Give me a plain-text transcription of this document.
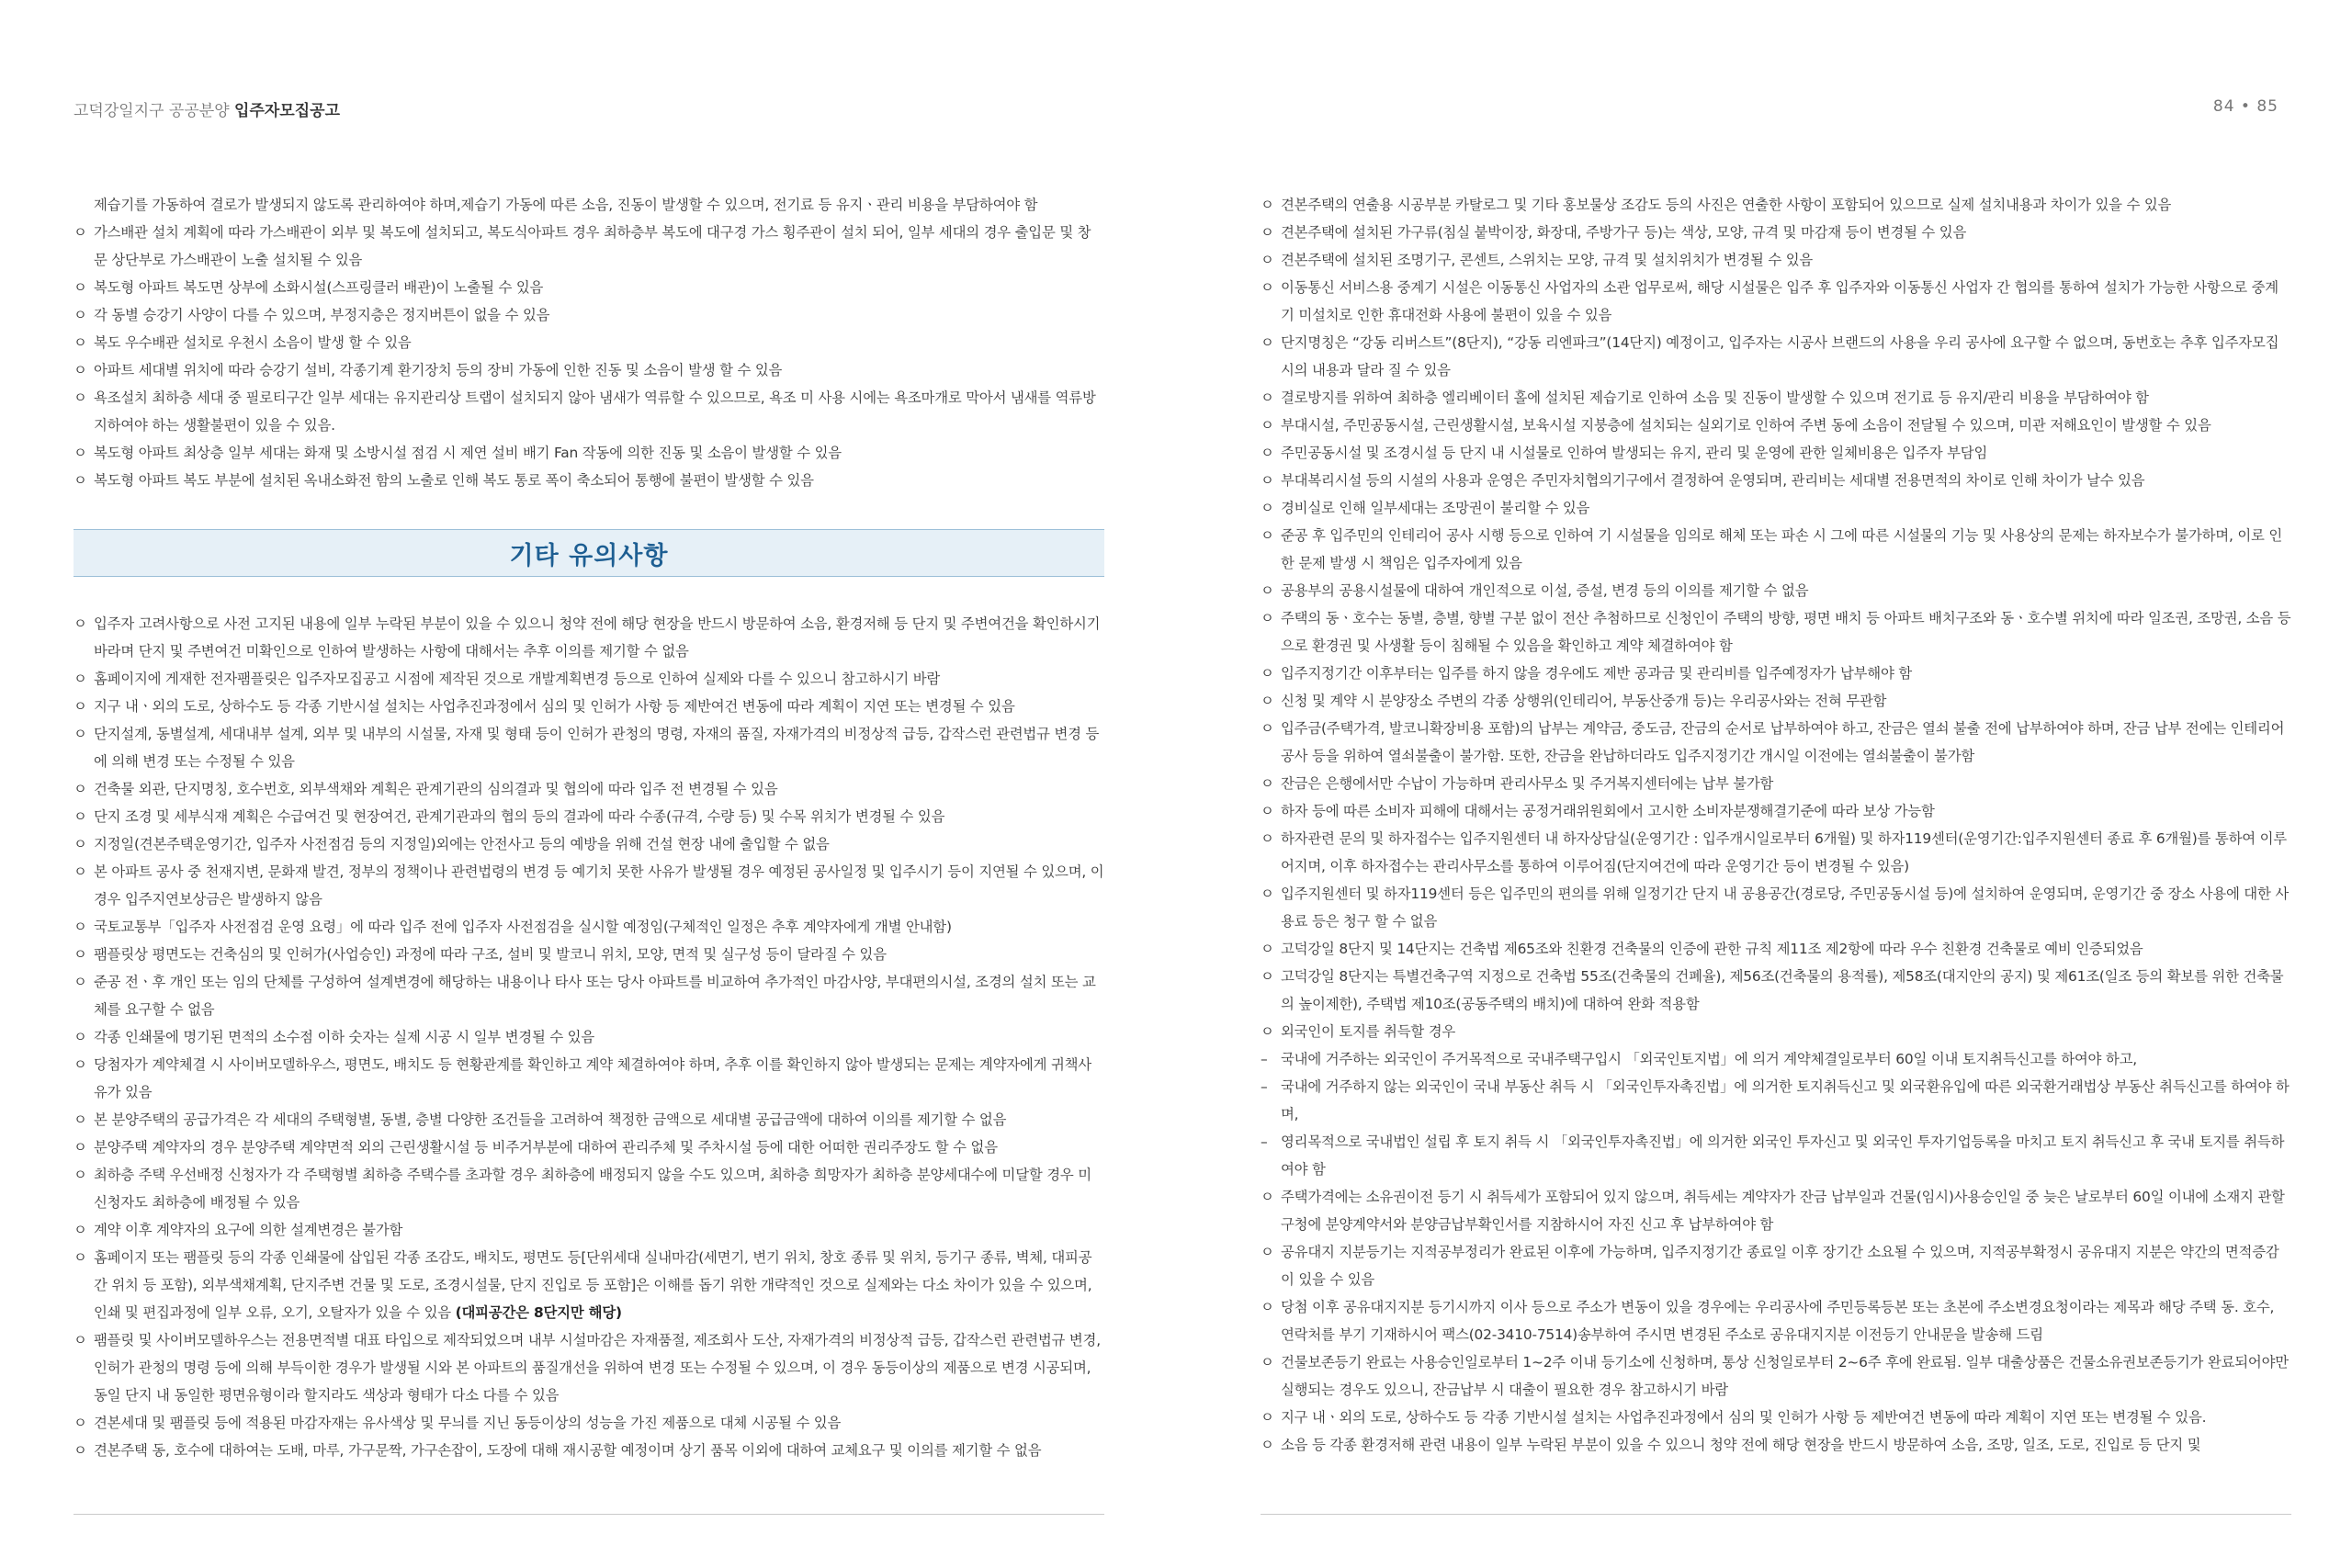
고덕강일지구 공공분양 입주자모집공고	84 • 85

제습기를 가동하여 결로가 발생되지 않도록 관리하여야 하며,제습기 가동에 따른 소음, 진동이 발생할 수 있으며, 전기료 등 유지ㆍ관리 비용을 부담하여야 함

ㅇ 가스배관 설치 계획에 따라 가스배관이 외부 및 복도에 설치되고, 복도식아파트 경우 최하층부 복도에 대구경 가스 횡주관이 설치 되어, 일부 세대의 경우 출입문 및 창문 상단부로 가스배관이 노출 설치될 수 있음

ㅇ 복도형 아파트 복도면 상부에 소화시설(스프링클러 배관)이 노출될 수 있음

ㅇ 각 동별 승강기 사양이 다를 수 있으며, 부정지층은 정지버튼이 없을 수 있음

ㅇ 복도 우수배관 설치로 우천시 소음이 발생 할 수 있음

ㅇ 아파트 세대별 위치에 따라 승강기 설비, 각종기계 환기장치 등의 장비 가동에 인한 진동 및 소음이 발생 할 수 있음

ㅇ 욕조설치 최하층 세대 중 필로티구간 일부 세대는 유지관리상 트랩이 설치되지 않아 냄새가 역류할 수 있으므로, 욕조 미 사용 시에는 욕조마개로 막아서 냄새를 역류방지하여야 하는 생활불편이 있을 수 있음.

ㅇ 복도형 아파트 최상층 일부 세대는 화재 및 소방시설 점검 시 제연 설비 배기 Fan 작동에 의한 진동 및 소음이 발생할 수 있음

ㅇ 복도형 아파트 복도 부분에 설치된 옥내소화전 함의 노출로 인해 복도 통로 폭이 축소되어 통행에 불편이 발생할 수 있음

기타 유의사항

ㅇ 입주자 고려사항으로 사전 고지된 내용에 일부 누락된 부분이 있을 수 있으니 청약 전에 해당 현장을 반드시 방문하여 소음, 환경저해 등 단지 및 주변여건을 확인하시기 바라며 단지 및 주변여건 미확인으로 인하여 발생하는 사항에 대해서는 추후 이의를 제기할 수 없음

ㅇ 홈페이지에 게재한 전자팸플릿은 입주자모집공고 시점에 제작된 것으로 개발계획변경 등으로 인하여 실제와 다를 수 있으니 참고하시기 바람

ㅇ 지구 내ㆍ외의 도로, 상하수도 등 각종 기반시설 설치는 사업추진과정에서 심의 및 인허가 사항 등 제반여건 변동에 따라 계획이 지연 또는 변경될 수 있음

ㅇ 단지설계, 동별설계, 세대내부 설계, 외부 및 내부의 시설물, 자재 및 형태 등이 인허가 관청의 명령, 자재의 품질, 자재가격의 비정상적 급등, 갑작스런 관련법규 변경 등에 의해 변경 또는 수정될 수 있음

ㅇ 건축물 외관, 단지명칭, 호수번호, 외부색채와 계획은 관계기관의 심의결과 및 협의에 따라 입주 전 변경될 수 있음

ㅇ 단지 조경 및 세부식재 계획은 수급여건 및 현장여건, 관계기관과의 협의 등의 결과에 따라 수종(규격, 수량 등) 및 수목 위치가 변경될 수 있음

ㅇ 지정일(견본주택운영기간, 입주자 사전점검 등의 지정일)외에는 안전사고 등의 예방을 위해 건설 현장 내에 출입할 수 없음

ㅇ 본 아파트 공사 중 천재지변, 문화재 발견, 정부의 정책이나 관련법령의 변경 등 예기치 못한 사유가 발생될 경우 예정된 공사일정 및 입주시기 등이 지연될 수 있으며, 이 경우 입주지연보상금은 발생하지 않음

ㅇ 국토교통부「입주자 사전점검 운영 요령」에 따라 입주 전에 입주자 사전점검을 실시할 예정임(구체적인 일정은 추후 계약자에게 개별 안내함)

ㅇ 팸플릿상 평면도는 건축심의 및 인허가(사업승인) 과정에 따라 구조, 설비 및 발코니 위치, 모양, 면적 및 실구성 등이 달라질 수 있음

ㅇ 준공 전ㆍ후 개인 또는 임의 단체를 구성하여 설계변경에 해당하는 내용이나 타사 또는 당사 아파트를 비교하여 추가적인 마감사양, 부대편의시설, 조경의 설치 또는 교체를 요구할 수 없음

ㅇ 각종 인쇄물에 명기된 면적의 소수점 이하 숫자는 실제 시공 시 일부 변경될 수 있음

ㅇ 당첨자가 계약체결 시 사이버모델하우스, 평면도, 배치도 등 현황관계를 확인하고 계약 체결하여야 하며, 추후 이를 확인하지 않아 발생되는 문제는 계약자에게 귀책사유가 있음

ㅇ 본 분양주택의 공급가격은 각 세대의 주택형별, 동별, 층별 다양한 조건들을 고려하여 책정한 금액으로 세대별 공급금액에 대하여 이의를 제기할 수 없음

ㅇ 분양주택 계약자의 경우 분양주택 계약면적 외의 근린생활시설 등 비주거부분에 대하여 관리주체 및 주차시설 등에 대한 어떠한 권리주장도 할 수 없음

ㅇ 최하층 주택 우선배정 신청자가 각 주택형별 최하층 주택수를 초과할 경우 최하층에 배정되지 않을 수도 있으며, 최하층 희망자가 최하층 분양세대수에 미달할 경우 미신청자도 최하층에 배정될 수 있음

ㅇ 계약 이후 계약자의 요구에 의한 설계변경은 불가함

ㅇ 홈페이지 또는 팸플릿 등의 각종 인쇄물에 삽입된 각종 조감도, 배치도, 평면도 등[단위세대 실내마감(세면기, 변기 위치, 창호 종류 및 위치, 등기구 종류, 벽체, 대피공간 위치 등 포함), 외부색채계획, 단지주변 건물 및 도로, 조경시설물, 단지 진입로 등 포함]은 이해를 돕기 위한 개략적인 것으로 실제와는 다소 차이가 있을 수 있으며, 인쇄 및 편집과정에 일부 오류, 오기, 오탈자가 있을 수 있음 (대피공간은 8단지만 해당)

ㅇ 팸플릿 및 사이버모델하우스는 전용면적별 대표 타입으로 제작되었으며 내부 시설마감은 자재품절, 제조회사 도산, 자재가격의 비정상적 급등, 갑작스런 관련법규 변경, 인허가 관청의 명령 등에 의해 부득이한 경우가 발생될 시와 본 아파트의 품질개선을 위하여 변경 또는 수정될 수 있으며, 이 경우 동등이상의 제품으로 변경 시공되며, 동일 단지 내 동일한 평면유형이라 할지라도 색상과 형태가 다소 다를 수 있음

ㅇ 견본세대 및 팸플릿 등에 적용된 마감자재는 유사색상 및 무늬를 지닌 동등이상의 성능을 가진 제품으로 대체 시공될 수 있음

ㅇ 견본주택 동, 호수에 대하여는 도배, 마루, 가구문짝, 가구손잡이, 도장에 대해 재시공할 예정이며 상기 품목 이외에 대하여 교체요구 및 이의를 제기할 수 없음

ㅇ 견본주택의 연출용 시공부분 카탈로그 및 기타 홍보물상 조감도 등의 사진은 연출한 사항이 포함되어 있으므로 실제 설치내용과 차이가 있을 수 있음

ㅇ 견본주택에 설치된 가구류(침실 붙박이장, 화장대, 주방가구 등)는 색상, 모양, 규격 및 마감재 등이 변경될 수 있음

ㅇ 견본주택에 설치된 조명기구, 콘센트, 스위치는 모양, 규격 및 설치위치가 변경될 수 있음

ㅇ 이동통신 서비스용 중계기 시설은 이동통신 사업자의 소관 업무로써, 해당 시설물은 입주 후 입주자와 이동통신 사업자 간 협의를 통하여 설치가 가능한 사항으로 중계기 미설치로 인한 휴대전화 사용에 불편이 있을 수 있음

ㅇ 단지명칭은 “강동 리버스트”(8단지), “강동 리엔파크”(14단지) 예정이고, 입주자는 시공사 브랜드의 사용을 우리 공사에 요구할 수 없으며, 동번호는 추후 입주자모집시의 내용과 달라 질 수 있음

ㅇ 결로방지를 위하여 최하층 엘리베이터 홀에 설치된 제습기로 인하여 소음 및 진동이 발생할 수 있으며 전기료 등 유지/관리 비용을 부담하여야 함

ㅇ 부대시설, 주민공동시설, 근린생활시설, 보육시설 지붕층에 설치되는 실외기로 인하여 주변 동에 소음이 전달될 수 있으며, 미관 저해요인이 발생할 수 있음

ㅇ 주민공동시설 및 조경시설 등 단지 내 시설물로 인하여 발생되는 유지, 관리 및 운영에 관한 일체비용은 입주자 부담임

ㅇ 부대복리시설 등의 시설의 사용과 운영은 주민자치협의기구에서 결정하여 운영되며, 관리비는 세대별 전용면적의 차이로 인해 차이가 날수 있음

ㅇ 경비실로 인해 일부세대는 조망권이 불리할 수 있음

ㅇ 준공 후 입주민의 인테리어 공사 시행 등으로 인하여 기 시설물을 임의로 해체 또는 파손 시 그에 따른 시설물의 기능 및 사용상의 문제는 하자보수가 불가하며, 이로 인한 문제 발생 시 책임은 입주자에게 있음

ㅇ 공용부의 공용시설물에 대하여 개인적으로 이설, 증설, 변경 등의 이의를 제기할 수 없음

ㅇ 주택의 동ㆍ호수는 동별, 층별, 향별 구분 없이 전산 추첨하므로 신청인이 주택의 방향, 평면 배치 등 아파트 배치구조와 동ㆍ호수별 위치에 따라 일조권, 조망권, 소음 등으로 환경권 및 사생활 등이 침해될 수 있음을 확인하고 계약 체결하여야 함

ㅇ 입주지정기간 이후부터는 입주를 하지 않을 경우에도 제반 공과금 및 관리비를 입주예정자가 납부해야 함

ㅇ 신청 및 계약 시 분양장소 주변의 각종 상행위(인테리어, 부동산중개 등)는 우리공사와는 전혀 무관함

ㅇ 입주금(주택가격, 발코니확장비용 포함)의 납부는 계약금, 중도금, 잔금의 순서로 납부하여야 하고, 잔금은 열쇠 불출 전에 납부하여야 하며, 잔금 납부 전에는 인테리어 공사 등을 위하여 열쇠불출이 불가함. 또한, 잔금을 완납하더라도 입주지정기간 개시일 이전에는 열쇠불출이 불가함

ㅇ 잔금은 은행에서만 수납이 가능하며 관리사무소 및 주거복지센터에는 납부 불가함

ㅇ 하자 등에 따른 소비자 피해에 대해서는 공정거래위원회에서 고시한 소비자분쟁해결기준에 따라 보상 가능함

ㅇ 하자관련 문의 및 하자접수는 입주지원센터 내 하자상담실(운영기간 : 입주개시일로부터 6개월) 및 하자119센터(운영기간:입주지원센터 종료 후 6개월)를 통하여 이루어지며, 이후 하자접수는 관리사무소를 통하여 이루어짐(단지여건에 따라 운영기간 등이 변경될 수 있음)

ㅇ 입주지원센터 및 하자119센터 등은 입주민의 편의를 위해 일정기간 단지 내 공용공간(경로당, 주민공동시설 등)에 설치하여 운영되며, 운영기간 중 장소 사용에 대한 사용료 등은 청구 할 수 없음

ㅇ 고덕강일 8단지 및 14단지는 건축법 제65조와 친환경 건축물의 인증에 관한 규칙 제11조 제2항에 따라 우수 친환경 건축물로 예비 인증되었음

ㅇ 고덕강일 8단지는 특별건축구역 지정으로 건축법 55조(건축물의 건폐율), 제56조(건축물의 용적률), 제58조(대지안의 공지) 및 제61조(일조 등의 확보를 위한 건축물의 높이제한), 주택법 제10조(공동주택의 배치)에 대하여 완화 적용함

ㅇ 외국인이 토지를 취득할 경우

– 국내에 거주하는 외국인이 주거목적으로 국내주택구입시 「외국인토지법」에 의거 계약체결일로부터 60일 이내 토지취득신고를 하여야 하고,

– 국내에 거주하지 않는 외국인이 국내 부동산 취득 시 「외국인투자촉진법」에 의거한 토지취득신고 및 외국환유입에 따른 외국환거래법상 부동산 취득신고를 하여야 하며,

– 영리목적으로 국내법인 설립 후 토지 취득 시 「외국인투자촉진법」에 의거한 외국인 투자신고 및 외국인 투자기업등록을 마치고 토지 취득신고 후 국내 토지를 취득하여야 함

ㅇ 주택가격에는 소유권이전 등기 시 취득세가 포함되어 있지 않으며, 취득세는 계약자가 잔금 납부일과 건물(임시)사용승인일 중 늦은 날로부터 60일 이내에 소재지 관할구청에 분양계약서와 분양금납부확인서를 지참하시어 자진 신고 후 납부하여야 함

ㅇ 공유대지 지분등기는 지적공부정리가 완료된 이후에 가능하며, 입주지정기간 종료일 이후 장기간 소요될 수 있으며, 지적공부확정시 공유대지 지분은 약간의 면적증감이 있을 수 있음

ㅇ 당첨 이후 공유대지지분 등기시까지 이사 등으로 주소가 변동이 있을 경우에는 우리공사에 주민등록등본 또는 초본에 주소변경요청이라는 제목과 해당 주택 동. 호수, 연락처를 부기 기재하시어 팩스(02-3410-7514)송부하여 주시면 변경된 주소로 공유대지지분 이전등기 안내문을 발송해 드림

ㅇ 건물보존등기 완료는 사용승인일로부터 1~2주 이내 등기소에 신청하며, 통상 신청일로부터 2~6주 후에 완료됨. 일부 대출상품은 건물소유권보존등기가 완료되어야만 실행되는 경우도 있으니, 잔금납부 시 대출이 필요한 경우 참고하시기 바람

ㅇ 지구 내ㆍ외의 도로, 상하수도 등 각종 기반시설 설치는 사업추진과정에서 심의 및 인허가 사항 등 제반여건 변동에 따라 계획이 지연 또는 변경될 수 있음.

ㅇ 소음 등 각종 환경저해 관련 내용이 일부 누락된 부분이 있을 수 있으니 청약 전에 해당 현장을 반드시 방문하여 소음, 조망, 일조, 도로, 진입로 등 단지 및
